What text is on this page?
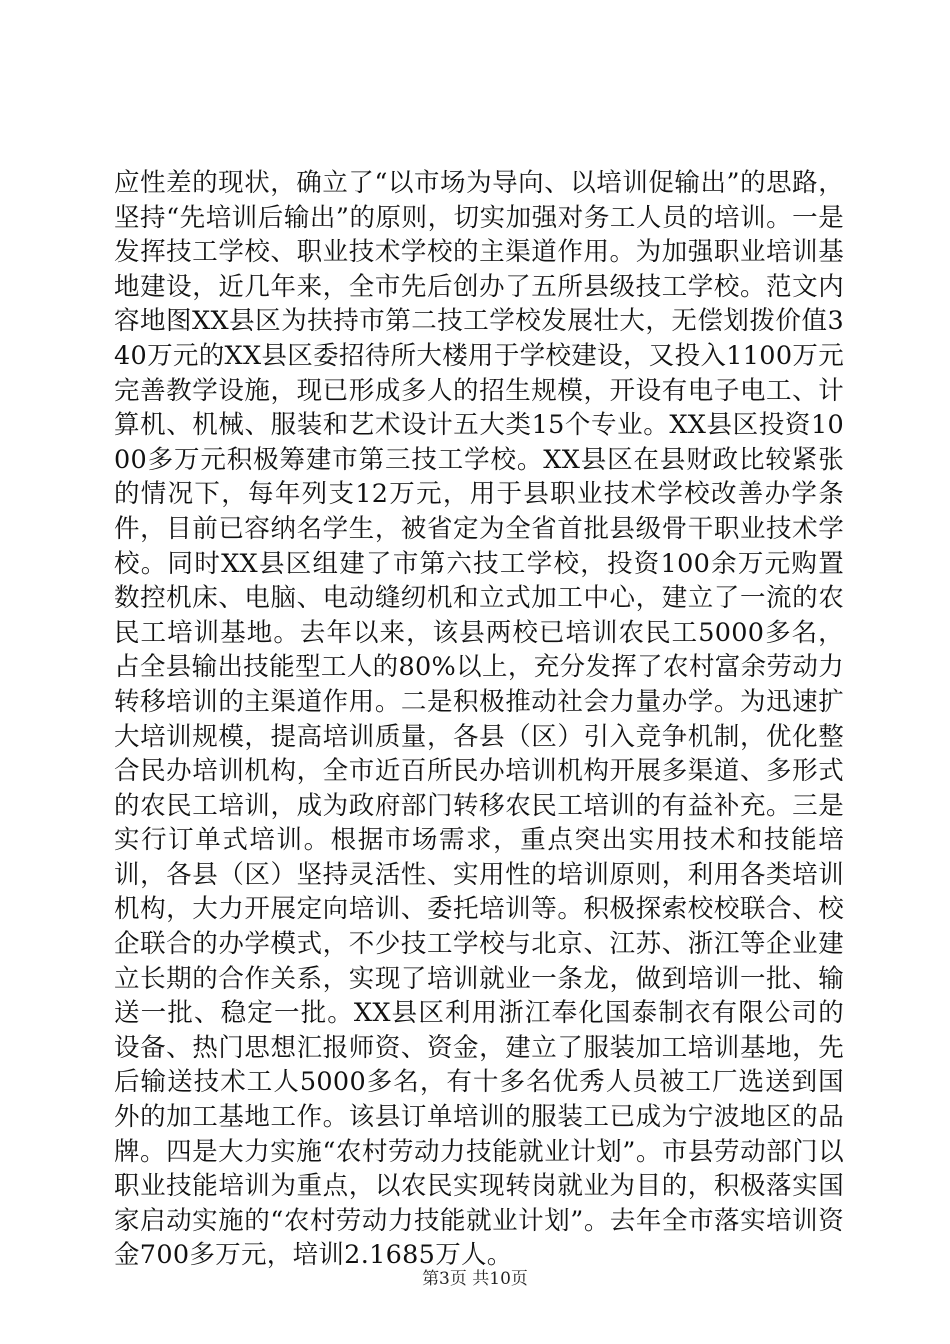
应性差的现状，确立了“以市场为导向、以培训促输出”的思路，坚持“先培训后输出”的原则，切实加强对务工人员的培训。一是发挥技工学校、职业技术学校的主渠道作用。为加强职业培训基地建设，近几年来，全市先后创办了五所县级技工学校。范文内容地图XX县区为扶持市第二技工学校发展壮大，无偿划拨价值340万元的XX县区委招待所大楼用于学校建设，又投入1100万元完善教学设施，现已形成多人的招生规模，开设有电子电工、计算机、机械、服装和艺术设计五大类15个专业。XX县区投资1000多万元积极筹建市第三技工学校。XX县区在县财政比较紧张的情况下，每年列支12万元，用于县职业技术学校改善办学条件，目前已容纳名学生，被省定为全省首批县级骨干职业技术学校。同时XX县区组建了市第六技工学校，投资100余万元购置数控机床、电脑、电动缝纫机和立式加工中心，建立了一流的农民工培训基地。去年以来，该县两校已培训农民工5000多名，占全县输出技能型工人的80%以上，充分发挥了农村富余劳动力转移培训的主渠道作用。二是积极推动社会力量办学。为迅速扩大培训规模，提高培训质量，各县（区）引入竞争机制，优化整合民办培训机构，全市近百所民办培训机构开展多渠道、多形式的农民工培训，成为政府部门转移农民工培训的有益补充。三是实行订单式培训。根据市场需求，重点突出实用技术和技能培训，各县（区）坚持灵活性、实用性的培训原则，利用各类培训机构，大力开展定向培训、委托培训等。积极探索校校联合、校企联合的办学模式，不少技工学校与北京、江苏、浙江等企业建立长期的合作关系，实现了培训就业一条龙，做到培训一批、输送一批、稳定一批。XX县区利用浙江奉化国泰制衣有限公司的设备、热门思想汇报师资、资金，建立了服装加工培训基地，先后输送技术工人5000多名，有十多名优秀人员被工厂选送到国外的加工基地工作。该县订单培训的服装工已成为宁波地区的品牌。四是大力实施“农村劳动力技能就业计划”。市县劳动部门以职业技能培训为重点，以农民实现转岗就业为目的，积极落实国家启动实施的“农村劳动力技能就业计划”。去年全市落实培训资金700多万元，培训2.1685万人。

第3页 共10页
